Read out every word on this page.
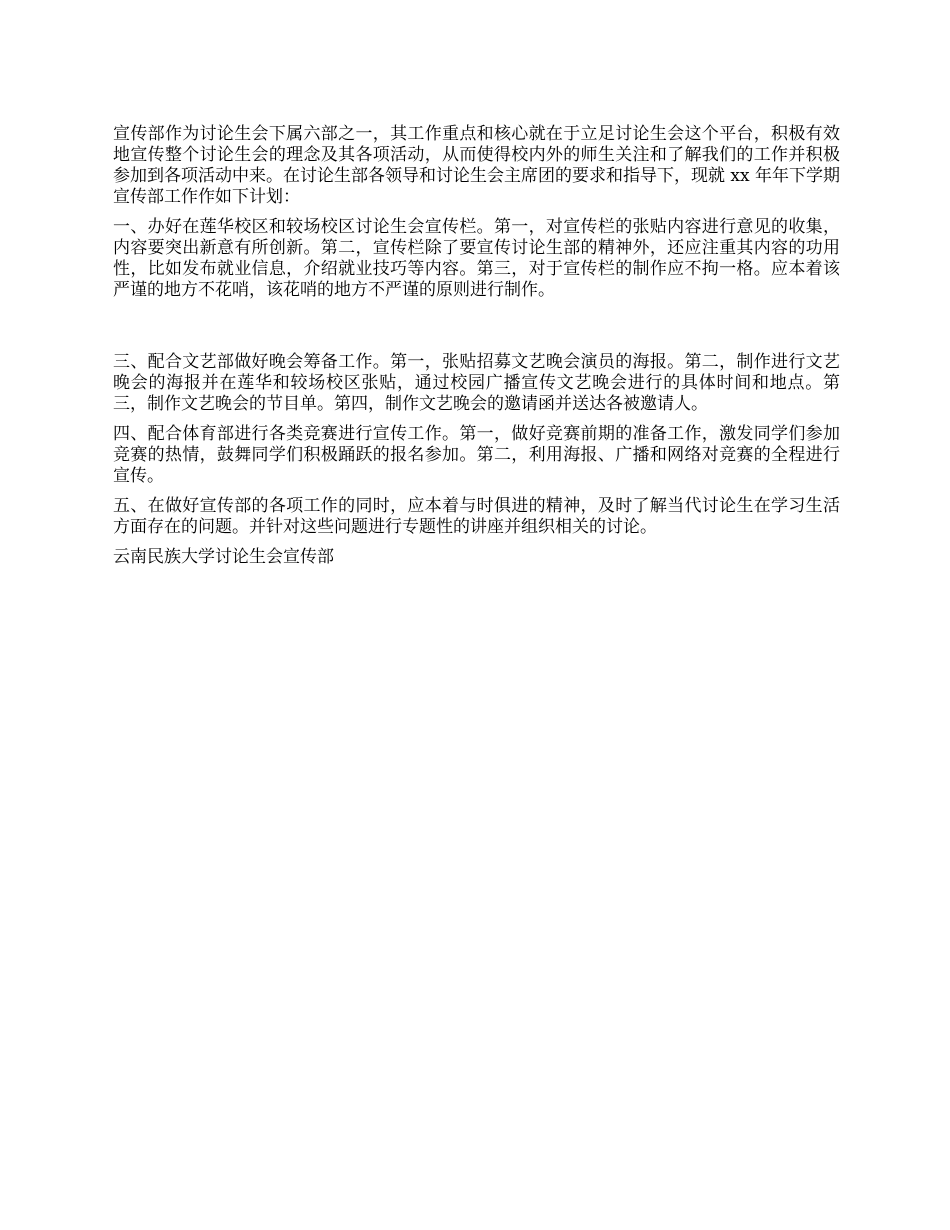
宣传部作为讨论生会下属六部之一，其工作重点和核心就在于立足讨论生会这个平台，积极有效地宣传整个讨论生会的理念及其各项活动，从而使得校内外的师生关注和了解我们的工作并积极参加到各项活动中来。在讨论生部各领导和讨论生会主席团的要求和指导下，现就 xx 年年下学期宣传部工作作如下计划：

一、办好在莲华校区和较场校区讨论生会宣传栏。第一，对宣传栏的张贴内容进行意见的收集，内容要突出新意有所创新。第二，宣传栏除了要宣传讨论生部的精神外，还应注重其内容的功用性，比如发布就业信息，介绍就业技巧等内容。第三，对于宣传栏的制作应不拘一格。应本着该严谨的地方不花哨，该花哨的地方不严谨的原则进行制作。

三、配合文艺部做好晚会筹备工作。第一，张贴招募文艺晚会演员的海报。第二，制作进行文艺晚会的海报并在莲华和较场校区张贴，通过校园广播宣传文艺晚会进行的具体时间和地点。第三，制作文艺晚会的节目单。第四，制作文艺晚会的邀请函并送达各被邀请人。

四、配合体育部进行各类竞赛进行宣传工作。第一，做好竞赛前期的准备工作，激发同学们参加竞赛的热情，鼓舞同学们积极踊跃的报名参加。第二，利用海报、广播和网络对竞赛的全程进行宣传。

五、在做好宣传部的各项工作的同时，应本着与时俱进的精神，及时了解当代讨论生在学习生活方面存在的问题。并针对这些问题进行专题性的讲座并组织相关的讨论。

云南民族大学讨论生会宣传部
